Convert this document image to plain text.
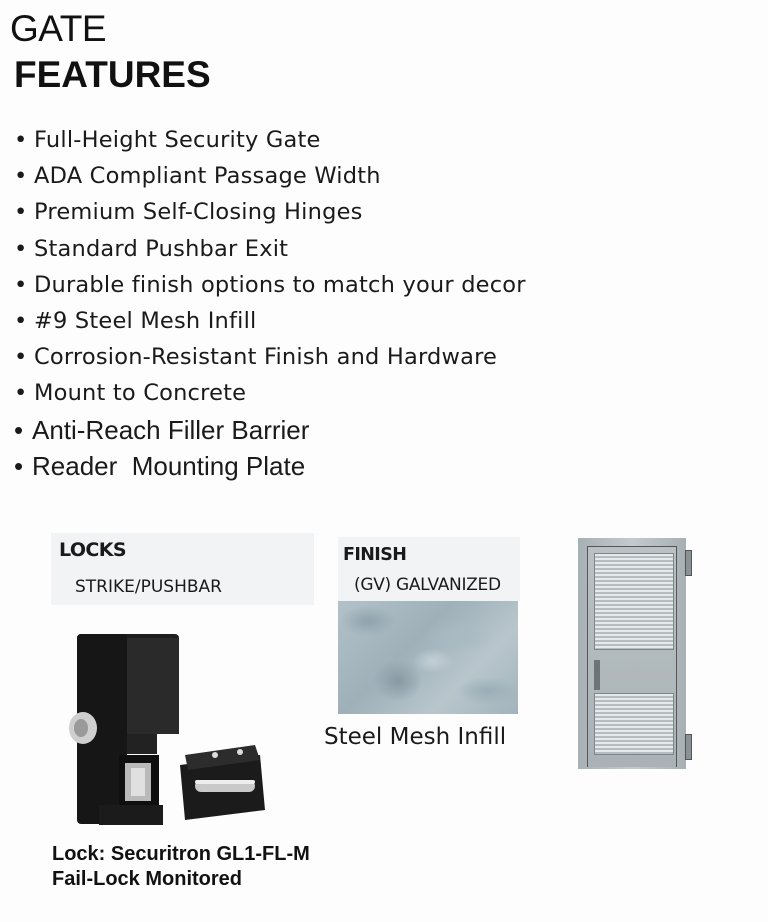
GATE
FEATURES
• Full-Height Security Gate
• ADA Compliant Passage Width
• Premium Self-Closing Hinges
• Standard Pushbar Exit
• Durable finish options to match your decor
• #9 Steel Mesh Infill
• Corrosion-Resistant Finish and Hardware
• Mount to Concrete
• Anti-Reach Filler Barrier
• Reader  Mounting Plate
LOCKS
STRIKE/PUSHBAR
Lock: Securitron GL1-FL-M
Fail-Lock Monitored
FINISH
(GV) GALVANIZED
Steel Mesh Infill
